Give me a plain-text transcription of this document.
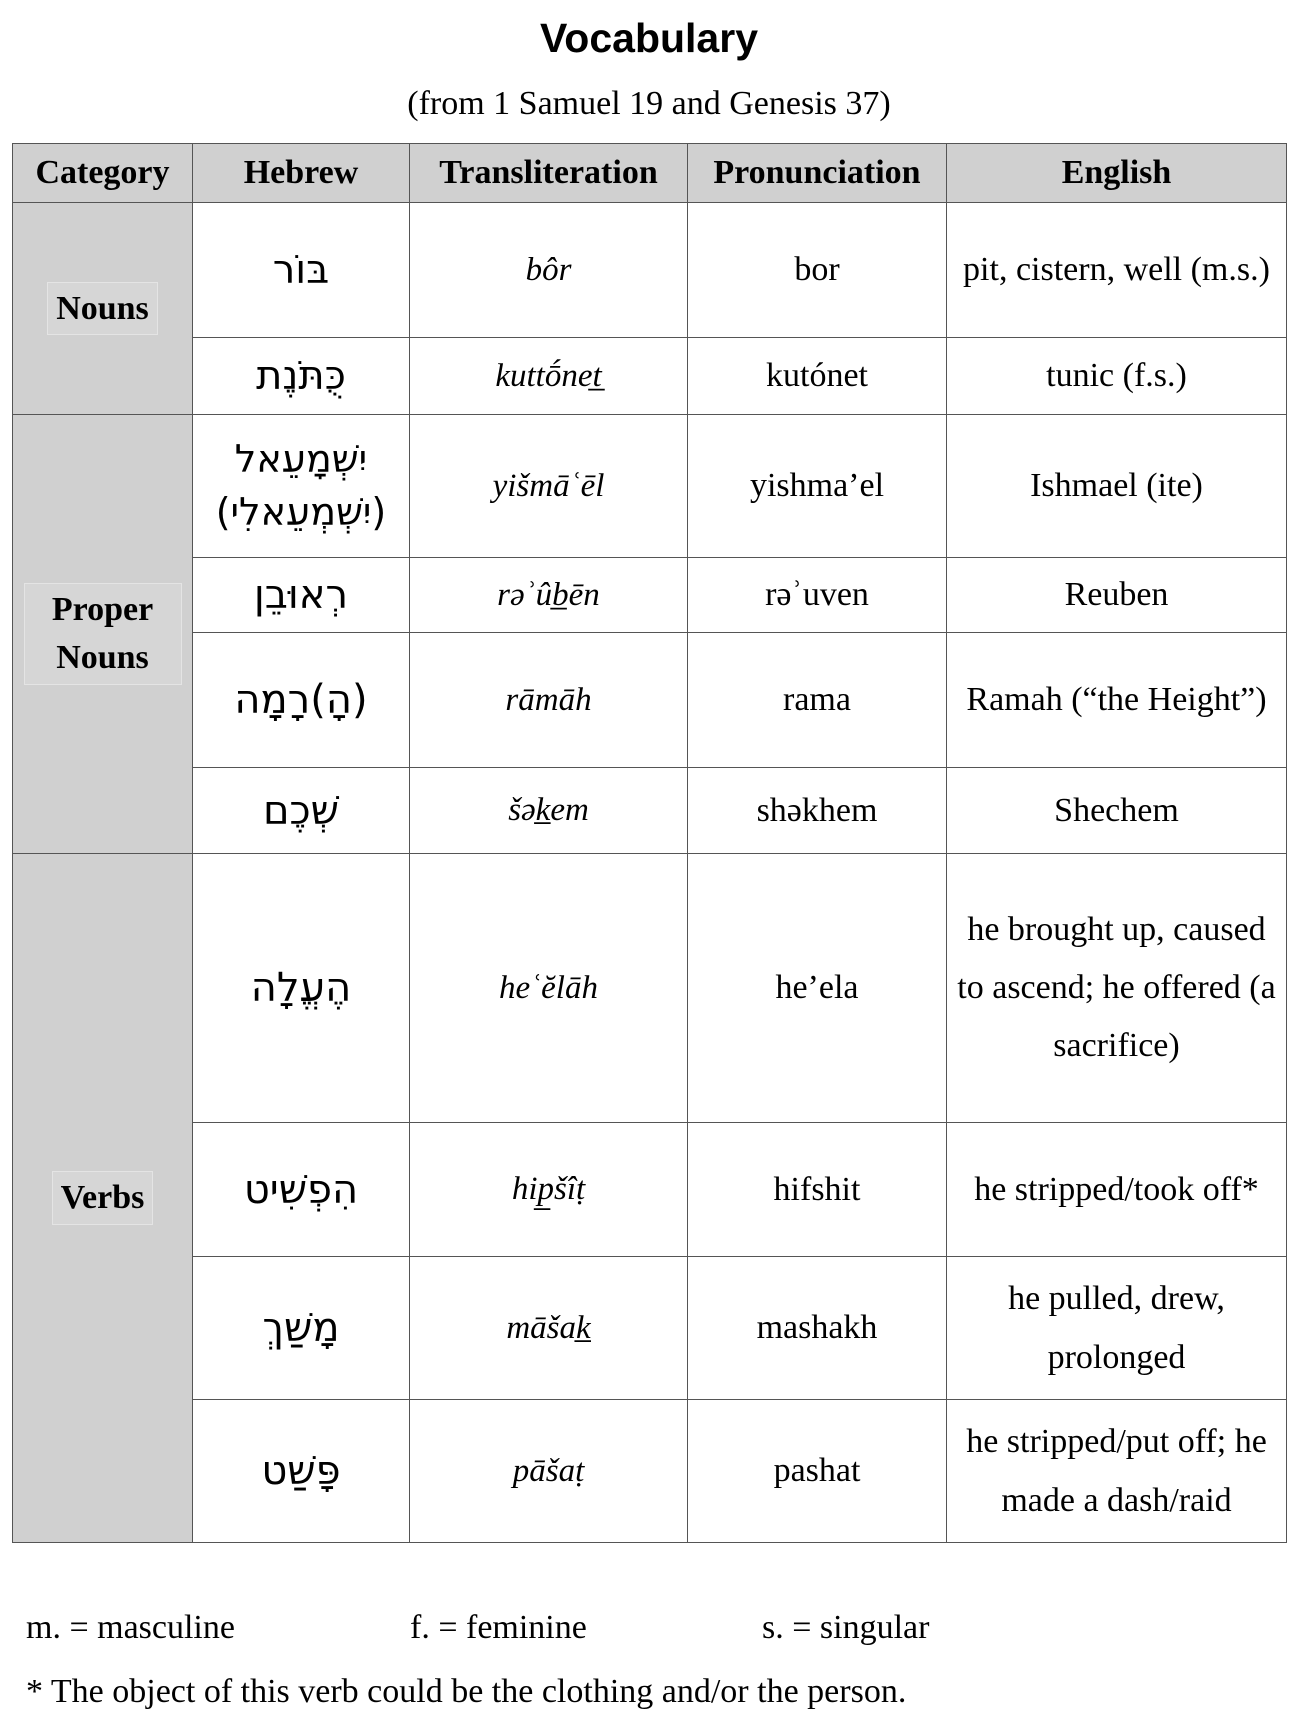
Vocabulary
(from 1 Samuel 19 and Genesis 37)
Category	Hebrew	Transliteration	Pronunciation	English
Nouns	בּוֹר	bôr	bor	pit, cistern, well (m.s.)
	כֻּתֹּנֶת	kuttṓnet̲	kutónet	tunic (f.s.)
Proper Nouns	יִשְׁמָעֵאל (יִשְׁמְעֵאלִי)	yišmāʿēl	yishma’el	Ishmael (ite)
	רְאוּבֵן	rəʾûb̲ēn	rəʾuven	Reuben
	(הָ)רָמָה	rāmāh	rama	Ramah (“the Height”)
	שְׁכֶם	šək̲em	shəkhem	Shechem
Verbs	הֶעֱלָה	heʿĕlāh	he’ela	he brought up, caused to ascend; he offered (a sacrifice)
	הִפְשִׁיט	hip̲šîṭ	hifshit	he stripped/took off*
	מָשַׁךְ	māšak̲	mashakh	he pulled, drew, prolonged
	פָּשַׁט	pāšaṭ	pashat	he stripped/put off; he made a dash/raid
m. = masculine	f. = feminine	s. = singular
* The object of this verb could be the clothing and/or the person.
